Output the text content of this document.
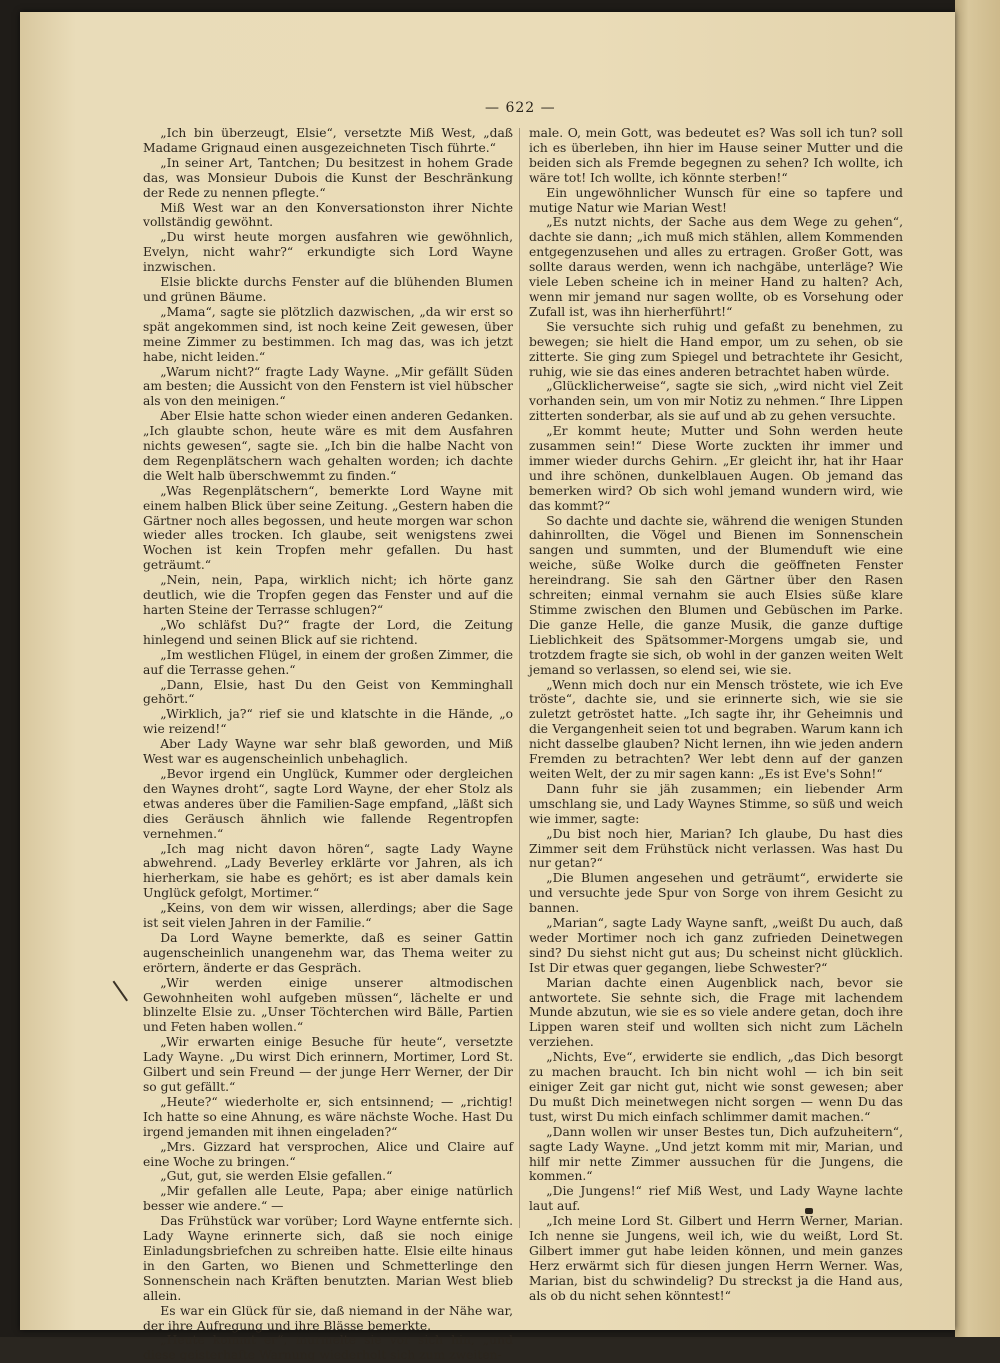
— 622 —

„Ich bin überzeugt, Elsie“, versetzte Miß West, „daß Madame Grignaud einen ausgezeichneten Tisch führte.“

„In seiner Art, Tantchen; Du besitzest in hohem Grade das, was Monsieur Dubois die Kunst der Beschränkung der Rede zu nennen pflegte.“

Miß West war an den Konversationston ihrer Nichte vollständig gewöhnt.

„Du wirst heute morgen ausfahren wie gewöhnlich, Evelyn, nicht wahr?“ erkundigte sich Lord Wayne inzwischen.

Elsie blickte durchs Fenster auf die blühenden Blumen und grünen Bäume.

„Mama“, sagte sie plötzlich dazwischen, „da wir erst so spät angekommen sind, ist noch keine Zeit gewesen, über meine Zimmer zu bestimmen. Ich mag das, was ich jetzt habe, nicht leiden.“

„Warum nicht?“ fragte Lady Wayne. „Mir gefällt Süden am besten; die Aussicht von den Fenstern ist viel hübscher als von den meinigen.“

Aber Elsie hatte schon wieder einen anderen Gedanken. „Ich glaubte schon, heute wäre es mit dem Ausfahren nichts gewesen“, sagte sie. „Ich bin die halbe Nacht von dem Regenplätschern wach gehalten worden; ich dachte die Welt halb überschwemmt zu finden.“

„Was Regenplätschern“, bemerkte Lord Wayne mit einem halben Blick über seine Zeitung. „Gestern haben die Gärtner noch alles begossen, und heute morgen war schon wieder alles trocken. Ich glaube, seit wenigstens zwei Wochen ist kein Tropfen mehr gefallen. Du hast geträumt.“

„Nein, nein, Papa, wirklich nicht; ich hörte ganz deutlich, wie die Tropfen gegen das Fenster und auf die harten Steine der Terrasse schlugen?“

„Wo schläfst Du?“ fragte der Lord, die Zeitung hinlegend und seinen Blick auf sie richtend.

„Im westlichen Flügel, in einem der großen Zimmer, die auf die Terrasse gehen.“

„Dann, Elsie, hast Du den Geist von Kemminghall gehört.“

„Wirklich, ja?“ rief sie und klatschte in die Hände, „o wie reizend!“

Aber Lady Wayne war sehr blaß geworden, und Miß West war es augenscheinlich unbehaglich.

„Bevor irgend ein Unglück, Kummer oder dergleichen den Waynes droht“, sagte Lord Wayne, der eher Stolz als etwas anderes über die Familien-Sage empfand, „läßt sich dies Geräusch ähnlich wie fallende Regentropfen vernehmen.“

„Ich mag nicht davon hören“, sagte Lady Wayne abwehrend. „Lady Beverley erklärte vor Jahren, als ich hierherkam, sie habe es gehört; es ist aber damals kein Unglück gefolgt, Mortimer.“

„Keins, von dem wir wissen, allerdings; aber die Sage ist seit vielen Jahren in der Familie.“

Da Lord Wayne bemerkte, daß es seiner Gattin augenscheinlich unangenehm war, das Thema weiter zu erörtern, änderte er das Gespräch.

„Wir werden einige unserer altmodischen Gewohnheiten wohl aufgeben müssen“, lächelte er und blinzelte Elsie zu. „Unser Töchterchen wird Bälle, Partien und Feten haben wollen.“

„Wir erwarten einige Besuche für heute“, versetzte Lady Wayne. „Du wirst Dich erinnern, Mortimer, Lord St. Gilbert und sein Freund — der junge Herr Werner, der Dir so gut gefällt.“

„Heute?“ wiederholte er, sich entsinnend; — „richtig! Ich hatte so eine Ahnung, es wäre nächste Woche. Hast Du irgend jemanden mit ihnen eingeladen?“

„Mrs. Gizzard hat versprochen, Alice und Claire auf eine Woche zu bringen.“

„Gut, gut, sie werden Elsie gefallen.“

„Mir gefallen alle Leute, Papa; aber einige natürlich besser wie andere.“ —

Das Frühstück war vorüber; Lord Wayne entfernte sich. Lady Wayne erinnerte sich, daß sie noch einige Einladungsbriefchen zu schreiben hatte. Elsie eilte hinaus in den Garten, wo Bienen und Schmetterlinge den Sonnenschein nach Kräften benutzten. Marian West blieb allein.

Es war ein Glück für sie, daß niemand in der Nähe war, der ihre Aufregung und ihre Blässe bemerkte.

„Heute kommt er“, murmelte sie vor sich hin, „und diese geisterhafte Warnung wiederholt sich zum zweiten-

male. O, mein Gott, was bedeutet es? Was soll ich tun? soll ich es überleben, ihn hier im Hause seiner Mutter und die beiden sich als Fremde begegnen zu sehen? Ich wollte, ich wäre tot! Ich wollte, ich könnte sterben!“

Ein ungewöhnlicher Wunsch für eine so tapfere und mutige Natur wie Marian West!

„Es nutzt nichts, der Sache aus dem Wege zu gehen“, dachte sie dann; „ich muß mich stählen, allem Kommenden entgegenzusehen und alles zu ertragen. Großer Gott, was sollte daraus werden, wenn ich nachgäbe, unterläge? Wie viele Leben scheine ich in meiner Hand zu halten? Ach, wenn mir jemand nur sagen wollte, ob es Vorsehung oder Zufall ist, was ihn hierherführt!“

Sie versuchte sich ruhig und gefaßt zu benehmen, zu bewegen; sie hielt die Hand empor, um zu sehen, ob sie zitterte. Sie ging zum Spiegel und betrachtete ihr Gesicht, ruhig, wie sie das eines anderen betrachtet haben würde.

„Glücklicherweise“, sagte sie sich, „wird nicht viel Zeit vorhanden sein, um von mir Notiz zu nehmen.“ Ihre Lippen zitterten sonderbar, als sie auf und ab zu gehen versuchte.

„Er kommt heute; Mutter und Sohn werden heute zusammen sein!“ Diese Worte zuckten ihr immer und immer wieder durchs Gehirn. „Er gleicht ihr, hat ihr Haar und ihre schönen, dunkelblauen Augen. Ob jemand das bemerken wird? Ob sich wohl jemand wundern wird, wie das kommt?“

So dachte und dachte sie, während die wenigen Stunden dahinrollten, die Vögel und Bienen im Sonnenschein sangen und summten, und der Blumenduft wie eine weiche, süße Wolke durch die geöffneten Fenster hereindrang. Sie sah den Gärtner über den Rasen schreiten; einmal vernahm sie auch Elsies süße klare Stimme zwischen den Blumen und Gebüschen im Parke. Die ganze Helle, die ganze Musik, die ganze duftige Lieblichkeit des Spätsommer-Morgens umgab sie, und trotzdem fragte sie sich, ob wohl in der ganzen weiten Welt jemand so verlassen, so elend sei, wie sie.

„Wenn mich doch nur ein Mensch tröstete, wie ich Eve tröste“, dachte sie, und sie erinnerte sich, wie sie sie zuletzt getröstet hatte. „Ich sagte ihr, ihr Geheimnis und die Vergangenheit seien tot und begraben. Warum kann ich nicht dasselbe glauben? Nicht lernen, ihn wie jeden andern Fremden zu betrachten? Wer lebt denn auf der ganzen weiten Welt, der zu mir sagen kann: „Es ist Eve's Sohn!“

Dann fuhr sie jäh zusammen; ein liebender Arm umschlang sie, und Lady Waynes Stimme, so süß und weich wie immer, sagte:

„Du bist noch hier, Marian? Ich glaube, Du hast dies Zimmer seit dem Frühstück nicht verlassen. Was hast Du nur getan?“

„Die Blumen angesehen und geträumt“, erwiderte sie und versuchte jede Spur von Sorge von ihrem Gesicht zu bannen.

„Marian“, sagte Lady Wayne sanft, „weißt Du auch, daß weder Mortimer noch ich ganz zufrieden Deinetwegen sind? Du siehst nicht gut aus; Du scheinst nicht glücklich. Ist Dir etwas quer gegangen, liebe Schwester?“

Marian dachte einen Augenblick nach, bevor sie antwortete. Sie sehnte sich, die Frage mit lachendem Munde abzutun, wie sie es so viele andere getan, doch ihre Lippen waren steif und wollten sich nicht zum Lächeln verziehen.

„Nichts, Eve“, erwiderte sie endlich, „das Dich besorgt zu machen braucht. Ich bin nicht wohl — ich bin seit einiger Zeit gar nicht gut, nicht wie sonst gewesen; aber Du mußt Dich meinetwegen nicht sorgen — wenn Du das tust, wirst Du mich einfach schlimmer damit machen.“

„Dann wollen wir unser Bestes tun, Dich aufzuheitern“, sagte Lady Wayne. „Und jetzt komm mit mir, Marian, und hilf mir nette Zimmer aussuchen für die Jungens, die kommen.“

„Die Jungens!“ rief Miß West, und Lady Wayne lachte laut auf.

„Ich meine Lord St. Gilbert und Herrn Werner, Marian. Ich nenne sie Jungens, weil ich, wie du weißt, Lord St. Gilbert immer gut habe leiden können, und mein ganzes Herz erwärmt sich für diesen jungen Herrn Werner. Was, Marian, bist du schwindelig? Du streckst ja die Hand aus, als ob du nicht sehen könntest!“
